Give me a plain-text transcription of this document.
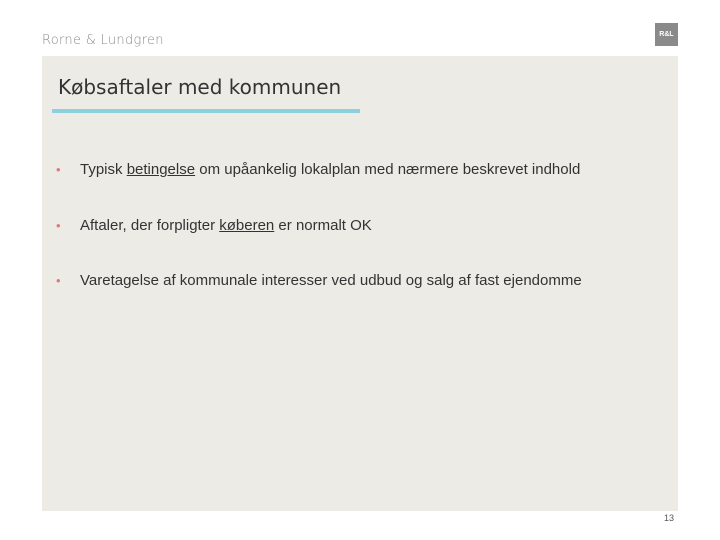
Rorne & Lundgren	R&L
Købsaftaler med kommunen
•	Typisk betingelse om upåankelig lokalplan med nærmere beskrevet indhold
•	Aftaler, der forpligter køberen er normalt OK
•	Varetagelse af kommunale interesser ved udbud og salg af fast ejendomme
13
